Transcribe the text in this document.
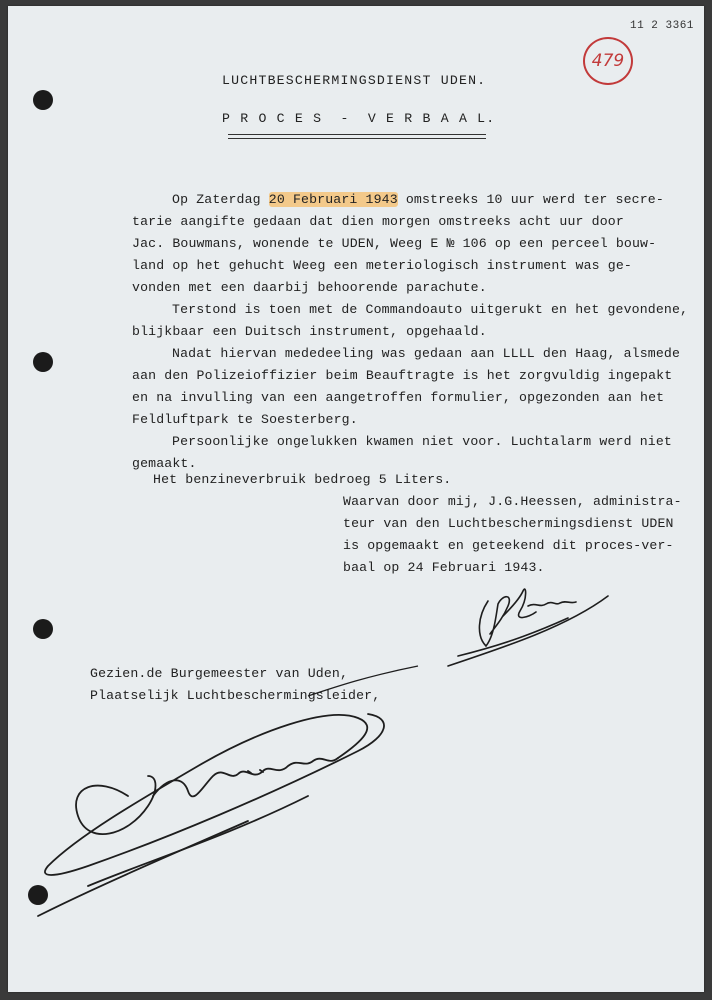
11 2 3361
479
LUCHTBESCHERMINGSDIENST UDEN.
P R O C E S  -  V E R B A A L.
Op Zaterdag 20 Februari 1943 omstreeks 10 uur werd ter secre-
tarie aangifte gedaan dat dien morgen omstreeks acht uur door
Jac. Bouwmans, wonende te UDEN, Weeg E № 106 op een perceel bouw-
land op het gehucht Weeg een meteriologisch instrument was ge-
vonden met een daarbij behoorende parachute.
Terstond is toen met de Commandoauto uitgerukt en het gevondene,
blijkbaar een Duitsch instrument, opgehaald.
Nadat hiervan mededeeling was gedaan aan LLLL den Haag, alsmede
aan den Polizeioffizier beim Beauftragte is het zorgvuldig ingepakt
en na invulling van een aangetroffen formulier, opgezonden aan het
Feldluftpark te Soesterberg.
Persoonlijke ongelukken kwamen niet voor. Luchtalarm werd niet
gemaakt.
Het benzineverbruik bedroeg 5 Liters.
Waarvan door mij, J.G.Heessen, administra-
teur van den Luchtbeschermingsdienst UDEN
is opgemaakt en geteekend dit proces-ver-
baal op 24 Februari 1943.
Gezien.de Burgemeester van Uden,
Plaatselijk Luchtbeschermingsleider,
